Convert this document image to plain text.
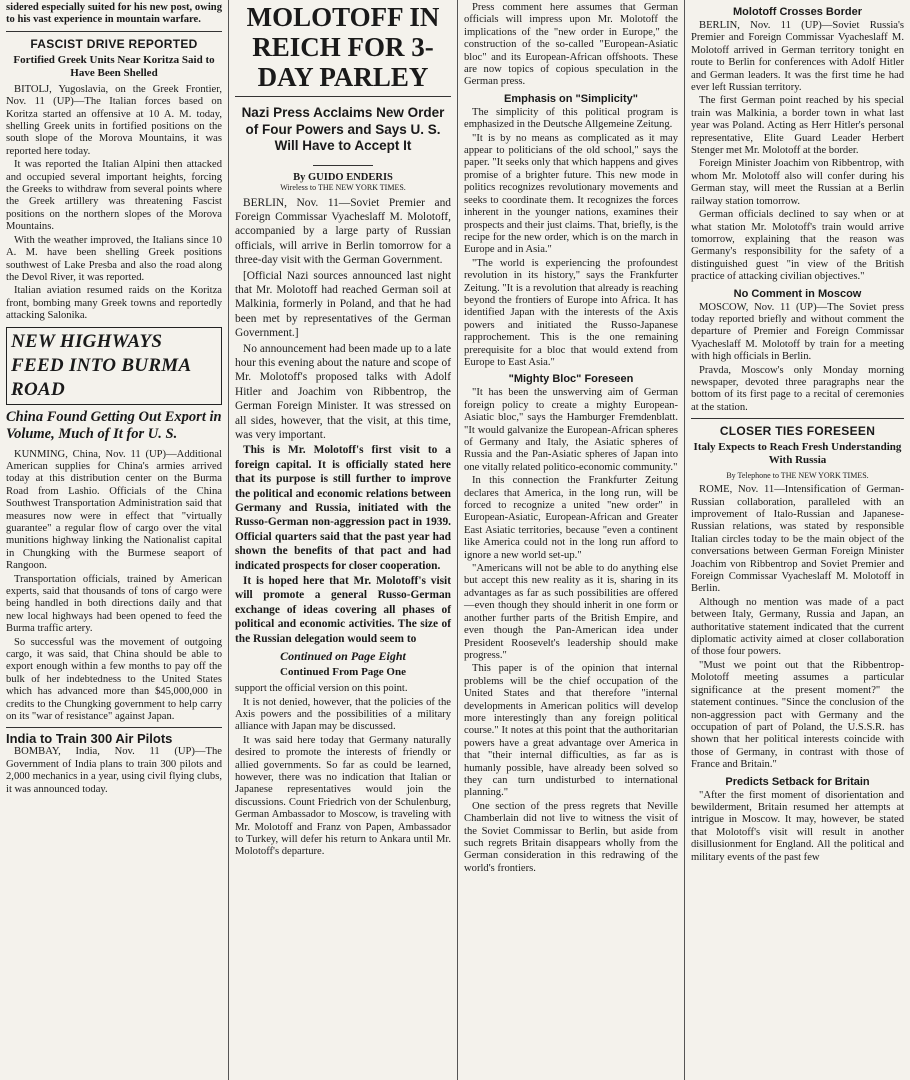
sidered especially suited for his new post, owing to his vast experience in mountain warfare.

FASCIST DRIVE REPORTED
Fortified Greek Units Near Koritza Said to Have Been Shelled

BITOLJ, Yugoslavia, on the Greek Frontier, Nov. 11 (UP)—The Italian forces based on Koritza started an offensive at 10 A. M. today, shelling Greek units in fortified positions on the south slope of the Morova Mountains, it was reported here today.

It was reported the Italian Alpini then attacked and occupied several important heights, forcing the Greeks to withdraw from several points where the Greek artillery was threatening Fascist positions on the northern slopes of the Morova Mountains.

With the weather improved, the Italians since 10 A. M. have been shelling Greek positions southwest of Lake Presba and also the road along the Devol River, it was reported.

Italian aviation resumed raids on the Koritza front, bombing many Greek towns and reportedly attacking Salonika.

NEW HIGHWAYS FEED INTO BURMA ROAD
China Found Getting Out Export in Volume, Much of It for U. S.

KUNMING, China, Nov. 11 (UP)—Additional American supplies for China's armies arrived today at this distribution center on the Burma Road from Lashio. Officials of the China Southwest Transportation Administration said that measures now were in effect that "virtually guarantee" a regular flow of cargo over the vital munitions highway linking the Nationalist capital in Chungking with the Burmese seaport of Rangoon.

Transportation officials, trained by American experts, said that thousands of tons of cargo were being handled in both directions daily and that new local highways had been opened to feed the Burma traffic artery.

So successful was the movement of outgoing cargo, it was said, that China should be able to export enough within a few months to pay off the bulk of her indebtedness to the United States which has advanced more than $45,000,000 in credits to the Chungking government to help carry on its "war of resistance" against Japan.

India to Train 300 Air Pilots

BOMBAY, India, Nov. 11 (UP)—The Government of India plans to train 300 pilots and 2,000 mechanics in a year, using civil flying clubs, it was announced today.

MOLOTOFF IN REICH FOR 3-DAY PARLEY
Nazi Press Acclaims New Order of Four Powers and Says U. S. Will Have to Accept It
By GUIDO ENDERIS
Wireless to THE NEW YORK TIMES.

BERLIN, Nov. 11—Soviet Premier and Foreign Commissar Vyacheslaff M. Molotoff, accompanied by a large party of Russian officials, will arrive in Berlin tomorrow for a three-day visit with the German Government.

[Official Nazi sources announced last night that Mr. Molotoff had reached German soil at Malkinia, formerly in Poland, and that he had been met by representatives of the German Government.]

No announcement had been made up to a late hour this evening about the nature and scope of Mr. Molotoff's proposed talks with Adolf Hitler and Joachim von Ribbentrop, the German Foreign Minister. It was stressed on all sides, however, that the visit, at this time, was very important.

This is Mr. Molotoff's first visit to a foreign capital. It is officially stated here that its purpose is still further to improve the political and economic relations between Germany and Russia, initiated with the Russo-German non-aggression pact in 1939. Official quarters said that the past year had shown the benefits of that pact and had indicated prospects for closer cooperation.

It is hoped here that Mr. Molotoff's visit will promote a general Russo-German exchange of ideas covering all phases of political and economic activities. The size of the Russian delegation would seem to

Continued on Page Eight
Continued From Page One

support the official version on this point.

It is not denied, however, that the policies of the Axis powers and the possibilities of a military alliance with Japan may be discussed.

It was said here today that Germany naturally desired to promote the interests of friendly or allied governments. So far as could be learned, however, there was no indication that Italian or Japanese representatives would join the discussions. Count Friedrich von der Schulenburg, German Ambassador to Moscow, is traveling with Mr. Molotoff and Franz von Papen, Ambassador to Turkey, will defer his return to Ankara until Mr. Molotoff's departure.

Press comment here assumes that German officials will impress upon Mr. Molotoff the implications of the "new order in Europe," the construction of the so-called "European-Asiatic bloc" and its European-African offshoots. These are now topics of copious speculation in the German press.

Emphasis on "Simplicity"

The simplicity of this political program is emphasized in the Deutsche Allgemeine Zeitung.

"It is by no means as complicated as it may appear to politicians of the old school," says the paper. "It seeks only that which happens and gives promise of a brighter future. This new mode in politics recognizes revolutionary movements and seeks to coordinate them. It recognizes the forces inherent in the younger nations, examines their prospects and their just claims. That, briefly, is the recipe for the new order, which is on the march in Europe and in Asia."

"The world is experiencing the profoundest revolution in its history," says the Frankfurter Zeitung. "It is a revolution that already is reaching beyond the frontiers of Europe into Africa. It has identified Japan with the interests of the Axis powers and initiated the Russo-Japanese rapprochement. This is the one remaining prerequisite for a bloc that would extend from Europe to East Asia."

"Mighty Bloc" Foreseen

"It has been the unswerving aim of German foreign policy to create a mighty European-Asiatic bloc," says the Hamburger Fremdenblatt. "It would galvanize the European-African spheres of Germany and Italy, the Asiatic spheres of Russia and the Pan-Asiatic spheres of Japan into one vitally related politico-economic community."

In this connection the Frankfurter Zeitung declares that America, in the long run, will be forced to recognize a united "new order" in European-Asiatic, European-African and Greater East Asiatic territories, because "even a continent like America could not in the long run afford to ignore a new world set-up."

"Americans will not be able to do anything else but accept this new reality as it is, sharing in its advantages as far as such possibilities are offered—even though they should inherit in one form or another further parts of the British Empire, and even though the Pan-American idea under President Roosevelt's leadership should make progress."

This paper is of the opinion that internal problems will be the chief occupation of the United States and that therefore "internal developments in American politics will develop more interestingly than any foreign political course." It notes at this point that the authoritarian powers have a great advantage over America in that "their internal difficulties, as far as is humanly possible, have already been solved so they can turn undisturbed to international planning."

One section of the press regrets that Neville Chamberlain did not live to witness the visit of the Soviet Commissar to Berlin, but aside from such regrets Britain disappears wholly from the German consideration in this redrawing of the world's frontiers.

Molotoff Crosses Border

BERLIN, Nov. 11 (UP)—Soviet Russia's Premier and Foreign Commissar Vyacheslaff M. Molotoff arrived in German territory tonight en route to Berlin for conferences with Adolf Hitler and German leaders. It was the first time he had ever left Russian territory.

The first German point reached by his special train was Malkinia, a border town in what last year was Poland. Acting as Herr Hitler's personal representative, Elite Guard Leader Herbert Stenger met Mr. Molotoff at the border.

Foreign Minister Joachim von Ribbentrop, with whom Mr. Molotoff also will confer during his German stay, will meet the Russian at a Berlin railway station tomorrow.

German officials declined to say when or at what station Mr. Molotoff's train would arrive tomorrow, explaining that the reason was Germany's responsibility for the safety of a distinguished guest "in view of the British practice of attacking civilian objectives."

No Comment in Moscow

MOSCOW, Nov. 11 (UP)—The Soviet press today reported briefly and without comment the departure of Premier and Foreign Commissar Vyacheslaff M. Molotoff by train for a meeting with high officials in Berlin.

Pravda, Moscow's only Monday morning newspaper, devoted three paragraphs near the bottom of its first page to a recital of ceremonies at the station.

CLOSER TIES FORESEEN
Italy Expects to Reach Fresh Understanding With Russia
By Telephone to THE NEW YORK TIMES.

ROME, Nov. 11—Intensification of German-Russian collaboration, paralleled with an improvement of Italo-Russian and Japanese-Russian relations, was stated by responsible Italian circles today to be the main object of the conversations between German Foreign Minister Joachim von Ribbentrop and Soviet Premier and Foreign Commissar Vyacheslaff M. Molotoff in Berlin.

Although no mention was made of a pact between Italy, Germany, Russia and Japan, an authoritative statement indicated that the current diplomatic activity aimed at closer collaboration of those four powers.

"Must we point out that the Ribbentrop-Molotoff meeting assumes a particular significance at the present moment?" the statement continues. "Since the conclusion of the non-aggression pact with Germany and the occupation of part of Poland, the U.S.S.R. has shown that her political interests coincide with those of Germany, in contrast with those of France and Britain."

Predicts Setback for Britain

"After the first moment of disorientation and bewilderment, Britain resumed her attempts at intrigue in Moscow. It may, however, be stated that Molotoff's visit will result in another disillusionment for England. All the political and military events of the past few
